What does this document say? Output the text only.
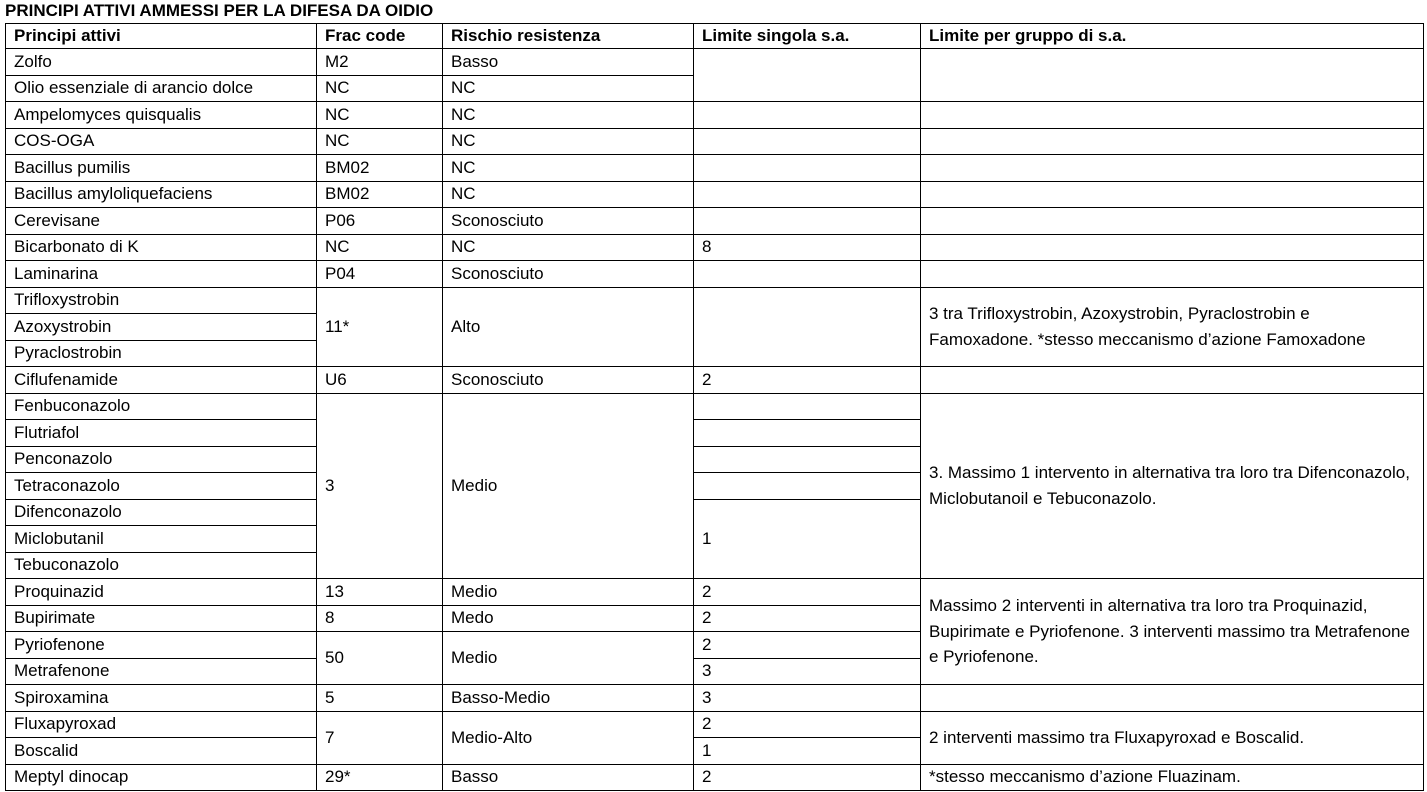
PRINCIPI ATTIVI AMMESSI PER LA DIFESA DA OIDIO
Principi attivi	Frac code	Rischio resistenza	Limite singola s.a.	Limite per gruppo di s.a.
Zolfo	M2	Basso		
Olio essenziale di arancio dolce	NC	NC		
Ampelomyces quisqualis	NC	NC		
COS-OGA	NC	NC		
Bacillus pumilis	BM02	NC		
Bacillus amyloliquefaciens	BM02	NC		
Cerevisane	P06	Sconosciuto		
Bicarbonato di K	NC	NC	8	
Laminarina	P04	Sconosciuto		
Trifloxystrobin	11*	Alto		3 tra Trifloxystrobin, Azoxystrobin, Pyraclostrobin e Famoxadone. *stesso meccanismo d’azione Famoxadone
Azoxystrobin				
Pyraclostrobin				
Ciflufenamide	U6	Sconosciuto	2	
Fenbuconazolo	3	Medio		3. Massimo 1 intervento in alternativa tra loro tra Difenconazolo, Miclobutanoil e Tebuconazolo.
Flutriafol				
Penconazolo				
Tetraconazolo				
Difenconazolo			1	
Miclobutanil				
Tebuconazolo				
Proquinazid	13	Medio	2	Massimo 2 interventi in alternativa tra loro tra Proquinazid, Bupirimate e Pyriofenone. 3 interventi massimo tra Metrafenone e Pyriofenone.
Bupirimate	8	Medo	2	
Pyriofenone	50	Medio	2	
Metrafenone			3	
Spiroxamina	5	Basso-Medio	3	
Fluxapyroxad	7	Medio-Alto	2	2 interventi massimo tra Fluxapyroxad e Boscalid.
Boscalid			1	
Meptyl dinocap	29*	Basso	2	*stesso meccanismo d’azione Fluazinam.
